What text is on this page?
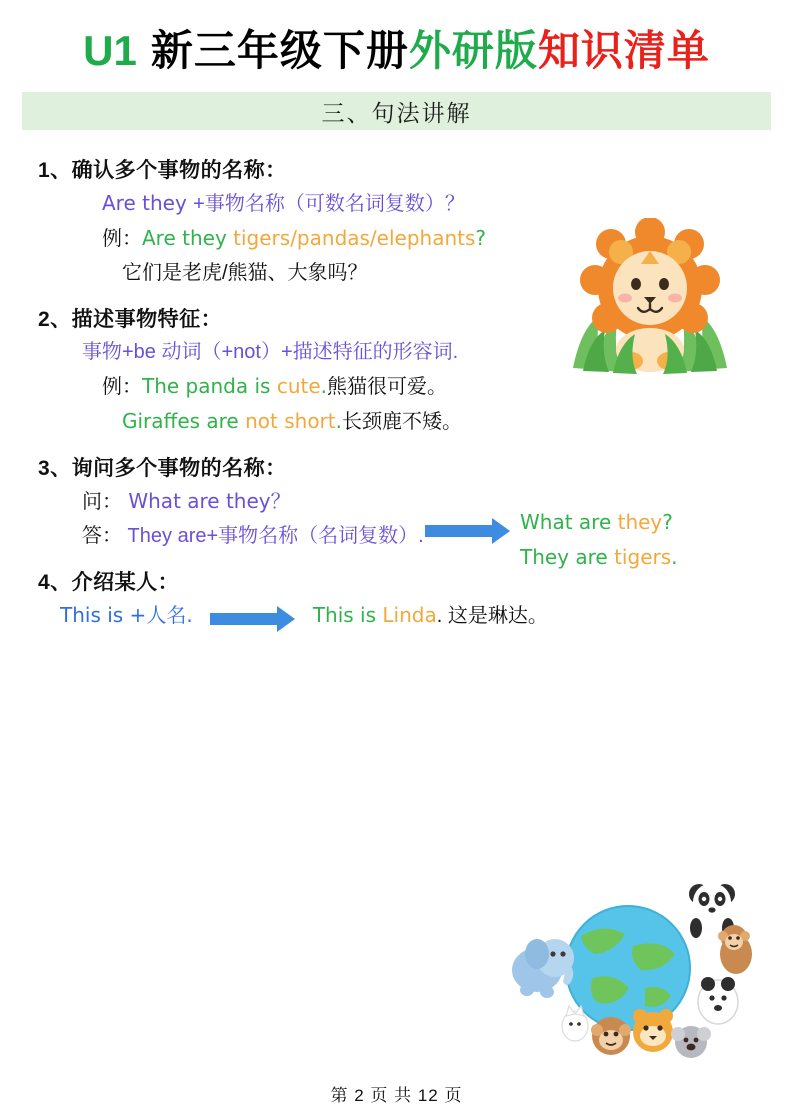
U1 新三年级下册 外研版 知识清单
三、句法讲解
1、确认多个事物的名称：
Are they +事物名称（可数名词复数）？
例：Are they tigers/pandas/elephants?
它们是老虎/熊猫、大象吗？
2、描述事物特征：
事物+be 动词（+not）+描述特征的形容词.
例：The panda is cute.熊猫很可爱。
Giraffes are not short.长颈鹿不矮。
3、询问多个事物的名称：
问： What are they？
答： They are+事物名称（名词复数）.
4、介绍某人：
This is +人名.	This is Linda. 这是琳达。
What are they?
They are tigers.
第 2 页 共 12 页
